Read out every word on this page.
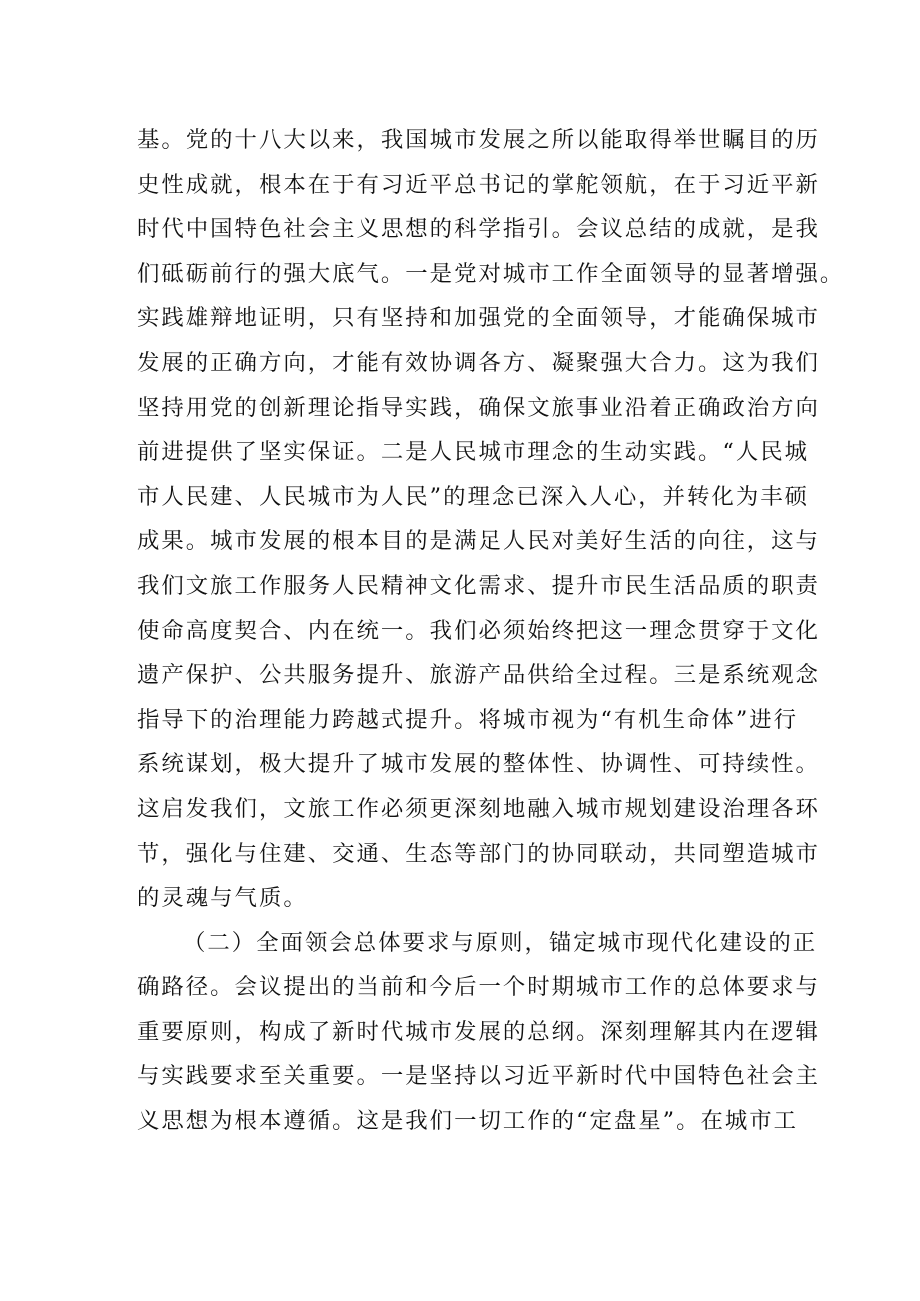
基。党的十八大以来，我国城市发展之所以能取得举世瞩目的历
史性成就，根本在于有习近平总书记的掌舵领航，在于习近平新
时代中国特色社会主义思想的科学指引。会议总结的成就，是我
们砥砺前行的强大底气。一是党对城市工作全面领导的显著增强。
实践雄辩地证明，只有坚持和加强党的全面领导，才能确保城市
发展的正确方向，才能有效协调各方、凝聚强大合力。这为我们
坚持用党的创新理论指导实践，确保文旅事业沿着正确政治方向
前进提供了坚实保证。二是人民城市理念的生动实践。“人民城
市人民建、人民城市为人民”的理念已深入人心，并转化为丰硕
成果。城市发展的根本目的是满足人民对美好生活的向往，这与
我们文旅工作服务人民精神文化需求、提升市民生活品质的职责
使命高度契合、内在统一。我们必须始终把这一理念贯穿于文化
遗产保护、公共服务提升、旅游产品供给全过程。三是系统观念
指导下的治理能力跨越式提升。将城市视为“有机生命体”进行
系统谋划，极大提升了城市发展的整体性、协调性、可持续性。
这启发我们，文旅工作必须更深刻地融入城市规划建设治理各环
节，强化与住建、交通、生态等部门的协同联动，共同塑造城市
的灵魂与气质。
（二）全面领会总体要求与原则，锚定城市现代化建设的正
确路径。会议提出的当前和今后一个时期城市工作的总体要求与
重要原则，构成了新时代城市发展的总纲。深刻理解其内在逻辑
与实践要求至关重要。一是坚持以习近平新时代中国特色社会主
义思想为根本遵循。这是我们一切工作的“定盘星”。在城市工
